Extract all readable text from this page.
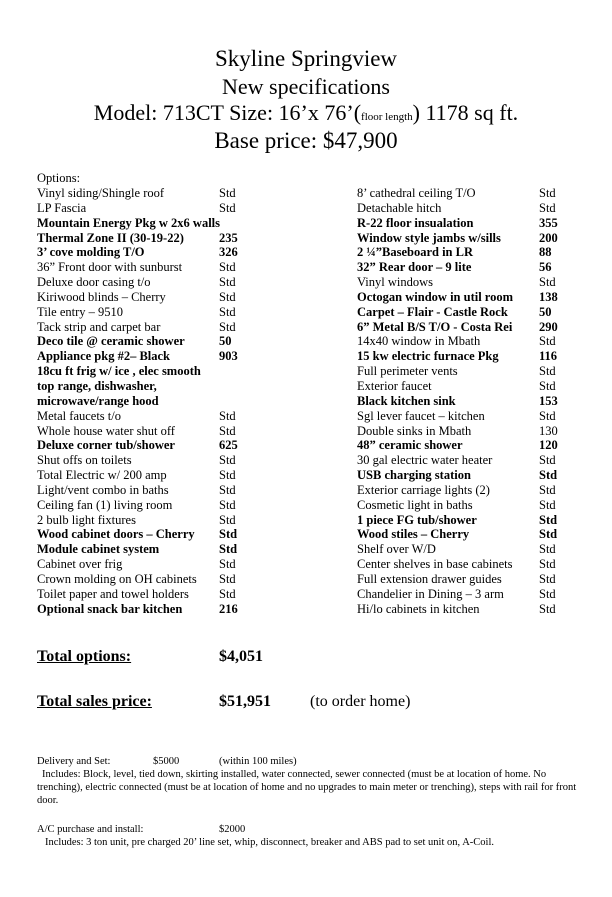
Skyline Springview
New specifications
Model: 713CT Size: 16’x 76’(floor length) 1178 sq ft.
Base price: $47,900
Options:
Vinyl siding/Shingle roof	Std
LP Fascia	Std
Mountain Energy Pkg w 2x6 walls
Thermal Zone II (30-19-22)	235
3’ cove molding T/O	326
36” Front door with sunburst	Std
Deluxe door casing t/o	Std
Kiriwood blinds – Cherry	Std
Tile entry – 9510	Std
Tack strip and carpet bar	Std
Deco tile @ ceramic shower	50
Appliance pkg #2– Black	903
18cu ft frig w/ ice , elec smooth
top range, dishwasher,
microwave/range hood
Metal faucets t/o	Std
Whole house water shut off	Std
Deluxe corner tub/shower	625
Shut offs on toilets	Std
Total Electric w/ 200 amp	Std
Light/vent combo in baths	Std
Ceiling fan (1) living room	Std
2 bulb light fixtures	Std
Wood cabinet doors – Cherry Std
Module cabinet system	Std
Cabinet over frig	Std
Crown molding on OH cabinets Std
Toilet paper and towel holders Std
Optional snack bar kitchen	216
8’ cathedral ceiling T/O	Std
Detachable hitch	Std
R-22 floor insualation	355
Window style jambs w/sills	200
2 ¼”Baseboard in LR	88
32” Rear door – 9 lite	56
Vinyl windows	Std
Octogan window in util room 138
Carpet – Flair - Castle Rock 50
6” Metal B/S T/O - Costa Rei 290
14x40 window in Mbath	Std
15 kw electric furnace Pkg	116
Full perimeter vents	Std
Exterior faucet	Std
Black kitchen sink	153
Sgl lever faucet – kitchen	Std
Double sinks in Mbath	130
48” ceramic shower	120
30 gal electric water heater	Std
USB charging station	Std
Exterior carriage lights (2)	Std
Cosmetic light in baths	Std
1 piece FG tub/shower	Std
Wood stiles – Cherry	Std
Shelf over W/D	Std
Center shelves in base cabinets Std
Full extension drawer guides	Std
Chandelier in Dining – 3 arm	Std
Hi/lo cabinets in kitchen	Std
Total options:	$4,051
Total sales price:	$51,951 (to order home)
Delivery and Set:	$5000	(within 100 miles)
Includes: Block, level, tied down, skirting installed, water connected, sewer connected (must be at location of home. No trenching), electric connected (must be at location of home and no upgrades to main meter or trenching), steps with rail for front door.
A/C purchase and install:	$2000
Includes: 3 ton unit, pre charged 20’ line set, whip, disconnect, breaker and ABS pad to set unit on, A-Coil.
